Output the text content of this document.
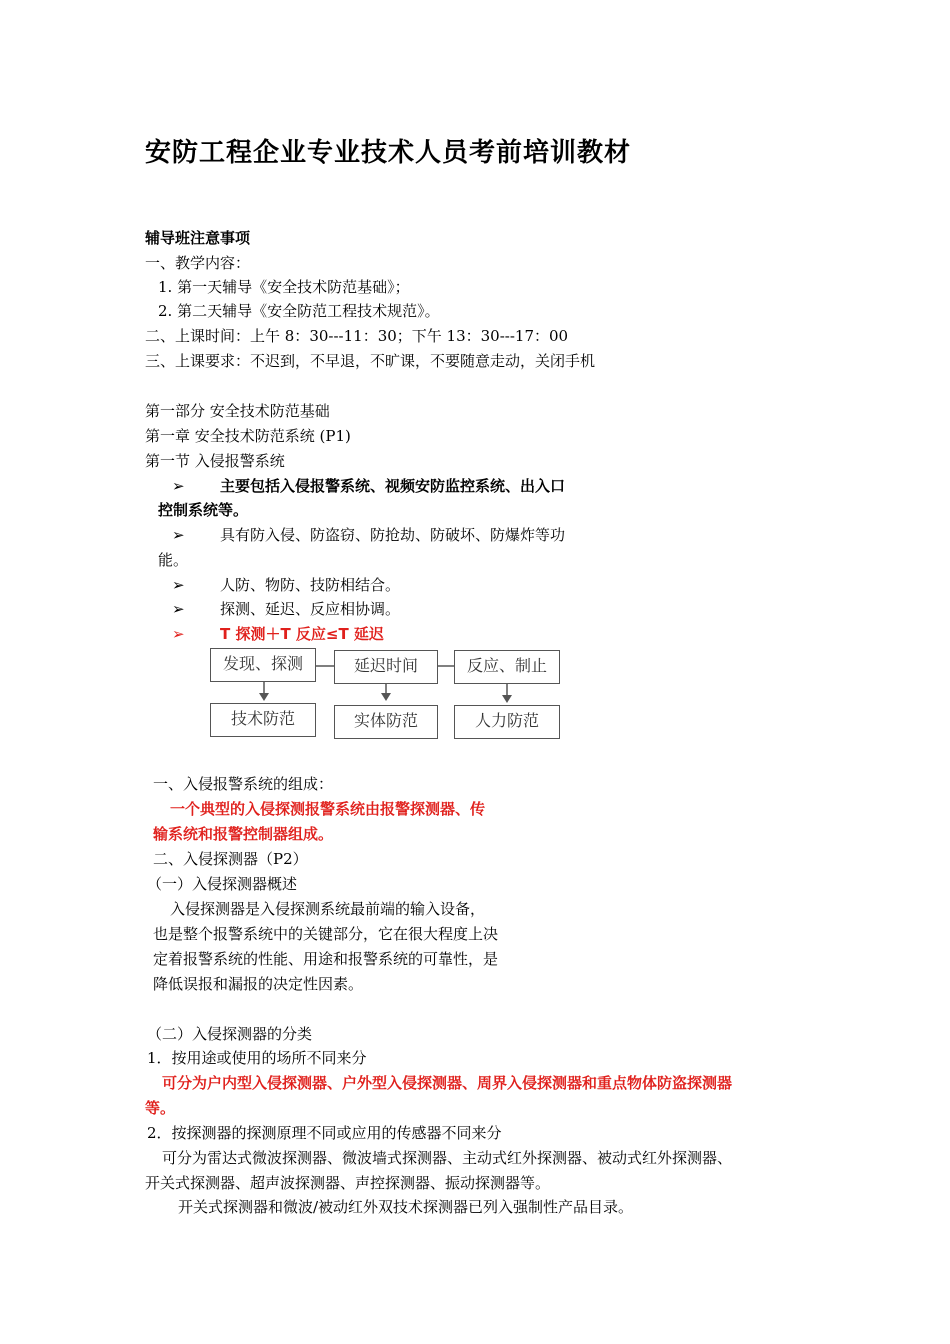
安防工程企业专业技术人员考前培训教材
辅导班注意事项
一、教学内容：
1. 第一天辅导《安全技术防范基础》；
2. 第二天辅导《安全防范工程技术规范》。
二、上课时间：上午 8：30---11：30；下午 13：30---17：00
三、上课要求：不迟到，不早退，不旷课，不要随意走动，关闭手机
第一部分 安全技术防范基础
第一章 安全技术防范系统 (P1)
第一节 入侵报警系统
➢ 主要包括入侵报警系统、视频安防监控系统、出入口
控制系统等。
➢ 具有防入侵、防盗窃、防抢劫、防破坏、防爆炸等功
能。
➢ 人防、物防、技防相结合。
➢ 探测、延迟、反应相协调。
➢ T 探测＋T 反应≤T 延迟
发现、探测	延迟时间	反应、制止
技术防范	实体防范	人力防范
一、入侵报警系统的组成：
一个典型的入侵探测报警系统由报警探测器、传
输系统和报警控制器组成。
二、入侵探测器（P2）
（一）入侵探测器概述
入侵探测器是入侵探测系统最前端的输入设备，
也是整个报警系统中的关键部分，它在很大程度上决
定着报警系统的性能、用途和报警系统的可靠性，是
降低误报和漏报的决定性因素。
（二）入侵探测器的分类
1．按用途或使用的场所不同来分
可分为户内型入侵探测器、户外型入侵探测器、周界入侵探测器和重点物体防盗探测器
等。
2．按探测器的探测原理不同或应用的传感器不同来分
可分为雷达式微波探测器、微波墙式探测器、主动式红外探测器、被动式红外探测器、
开关式探测器、超声波探测器、声控探测器、振动探测器等。
开关式探测器和微波/被动红外双技术探测器已列入强制性产品目录。
